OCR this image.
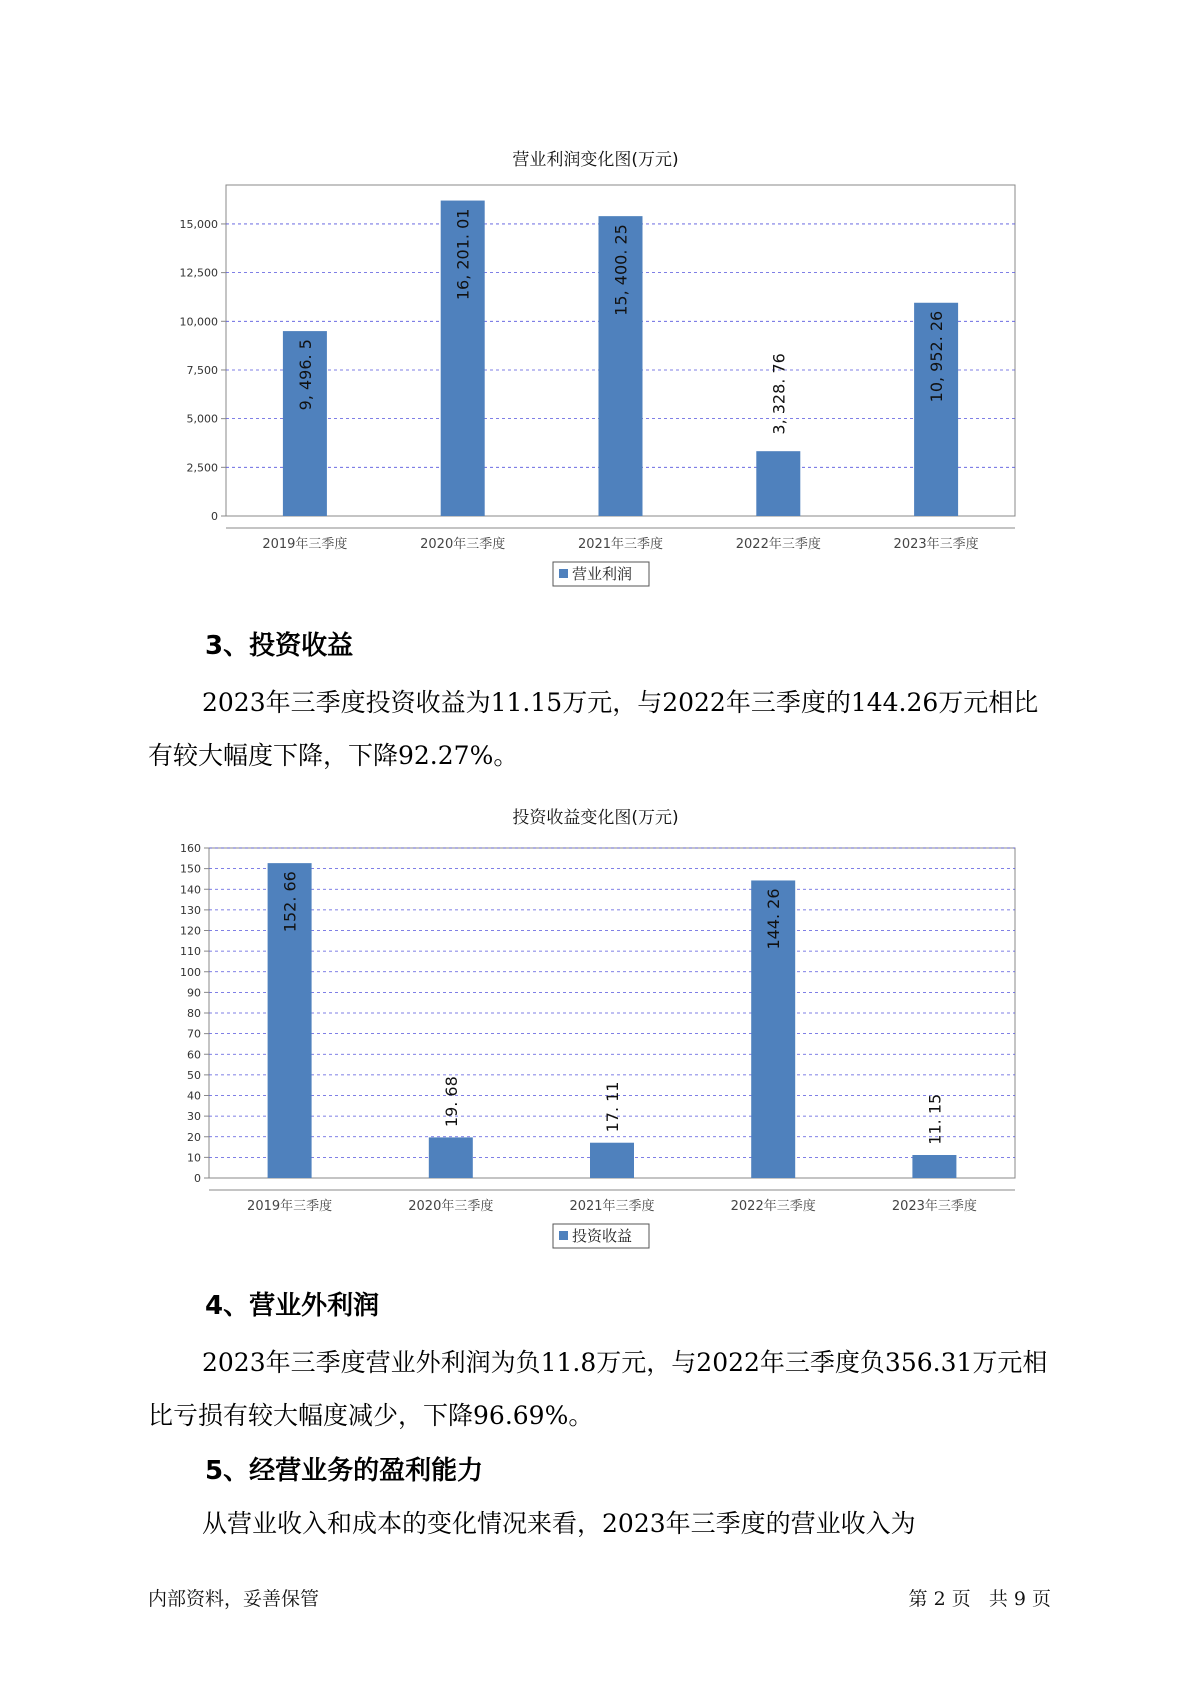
营业利润变化图(万元)
0
2,500
5,000
7,500
10,000
12,500
15,000
9, 496. 5
2019年三季度
16, 201. 01
2020年三季度
15, 400. 25
2021年三季度
3, 328. 76
2022年三季度
10, 952. 26
2023年三季度
营业利润
3、投资收益
2023年三季度投资收益为11.15万元，与2022年三季度的144.26万元相比有较大幅度下降，下降92.27%。
投资收益变化图(万元)
0
10
20
30
40
50
60
70
80
90
100
110
120
130
140
150
160
152. 66
2019年三季度
19. 68
2020年三季度
17. 11
2021年三季度
144. 26
2022年三季度
11. 15
2023年三季度
投资收益
4、营业外利润
2023年三季度营业外利润为负11.8万元，与2022年三季度负356.31万元相比亏损有较大幅度减少，下降96.69%。
5、经营业务的盈利能力
从营业收入和成本的变化情况来看，2023年三季度的营业收入为
内部资料，妥善保管	第 2 页   共 9 页
